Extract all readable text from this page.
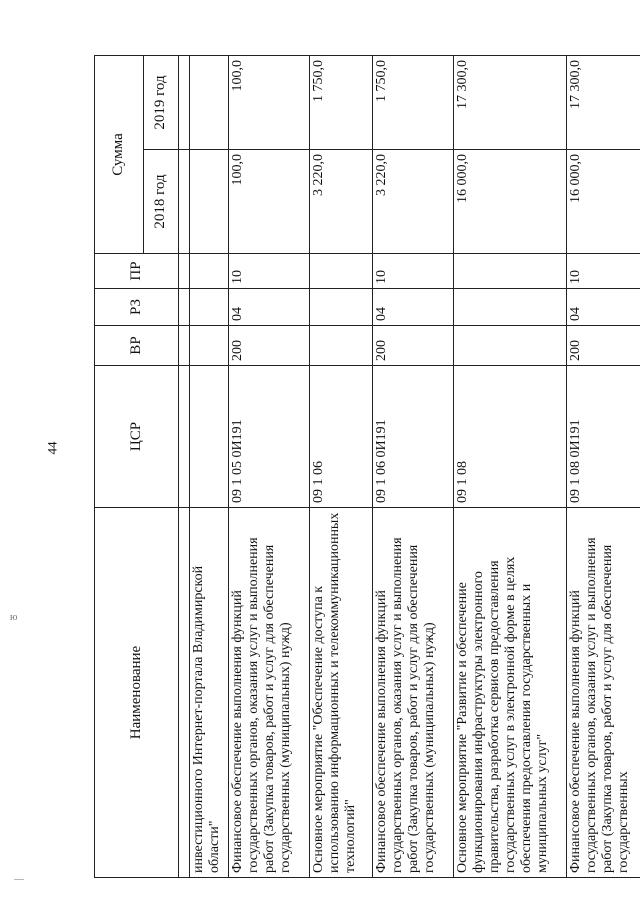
44
ю
—
Наименование	ЦСР	ВР	РЗ	ПР	Сумма	
					2018 год	2019 год

инвестиционного Интернет-портала Владимирской области"						
Финансовое обеспечение выполнения функций государственных органов, оказания услуг и выполнения работ (Закупка товаров, работ и услуг для обеспечения государственных (муниципальных) нужд)	09 1 05 0И191	200	04	10	100,0	100,0
Основное мероприятие "Обеспечение доступа к использованию информационных и телекоммуникационных технологий"	09 1 06				3 220,0	1 750,0
Финансовое обеспечение выполнения функций государственных органов, оказания услуг и выполнения работ (Закупка товаров, работ и услуг для обеспечения государственных (муниципальных) нужд)	09 1 06 0И191	200	04	10	3 220,0	1 750,0
Основное мероприятие "Развитие и обеспечение функционирования инфраструктуры электронного правительства, разработка сервисов предоставления государственных услуг в электронной форме в целях обеспечения предоставления государственных и муниципальных услуг"	09 1 08				16 000,0	17 300,0
Финансовое обеспечение выполнения функций государственных органов, оказания услуг и выполнения работ (Закупка товаров, работ и услуг для обеспечения государственных	09 1 08 0И191	200	04	10	16 000,0	17 300,0
